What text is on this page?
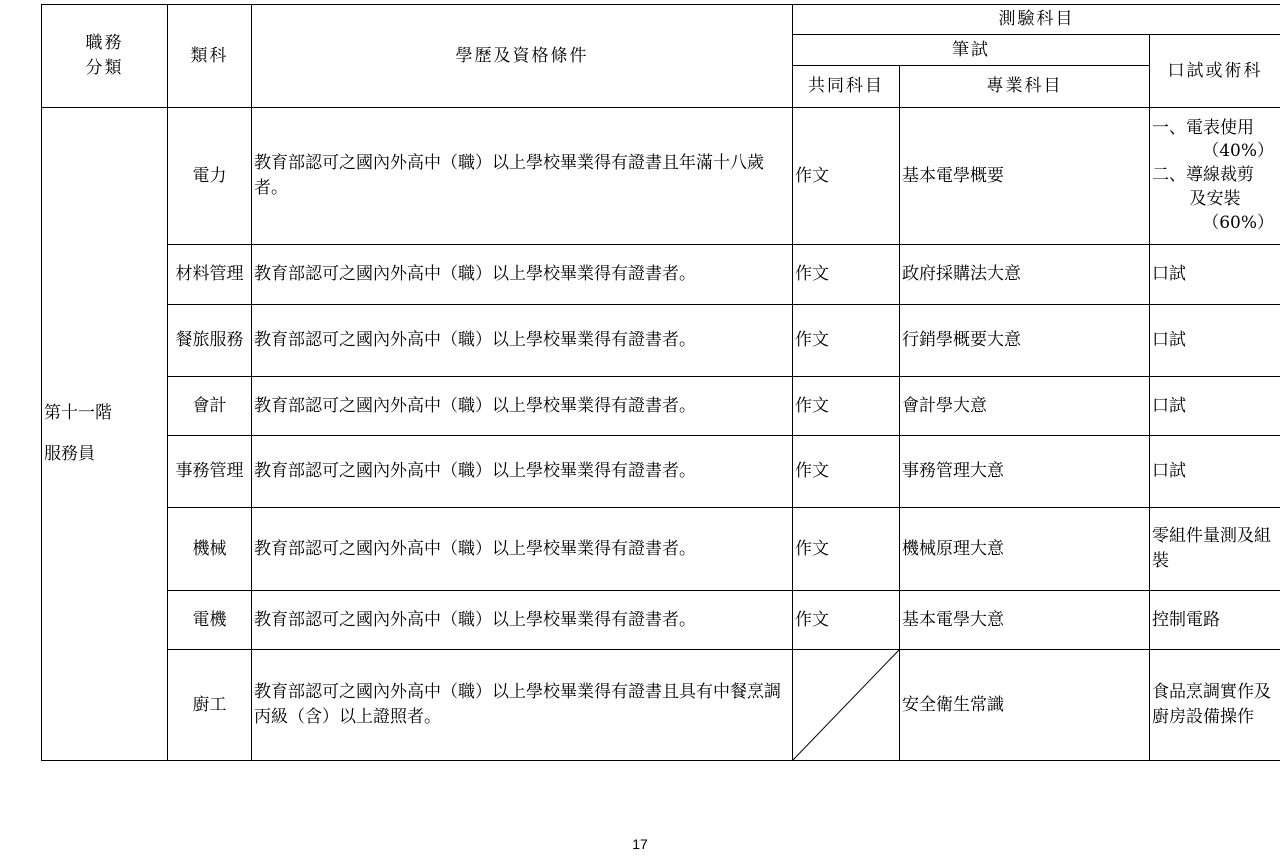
職務
分類	類科	學歷及資格條件	測驗科目		
			筆試		口試或術科
			共同科目	專業科目	

第十一階
服務員	電力	教育部認可之國內外高中（職）以上學校畢業得有證書且年滿十八歲者。	作文	基本電學概要	一、電表使用
（40%）
二、導線裁剪
及安裝
（60%）

	材料管理	教育部認可之國內外高中（職）以上學校畢業得有證書者。	作文	政府採購法大意	口試
	餐旅服務	教育部認可之國內外高中（職）以上學校畢業得有證書者。	作文	行銷學概要大意	口試
	會計	教育部認可之國內外高中（職）以上學校畢業得有證書者。	作文	會計學大意	口試
	事務管理	教育部認可之國內外高中（職）以上學校畢業得有證書者。	作文	事務管理大意	口試
	機械	教育部認可之國內外高中（職）以上學校畢業得有證書者。	作文	機械原理大意	零組件量測及組裝
	電機	教育部認可之國內外高中（職）以上學校畢業得有證書者。	作文	基本電學大意	控制電路
	廚工	教育部認可之國內外高中（職）以上學校畢業得有證書且具有中餐烹調丙級（含）以上證照者。		安全衛生常識	食品烹調實作及廚房設備操作
17
